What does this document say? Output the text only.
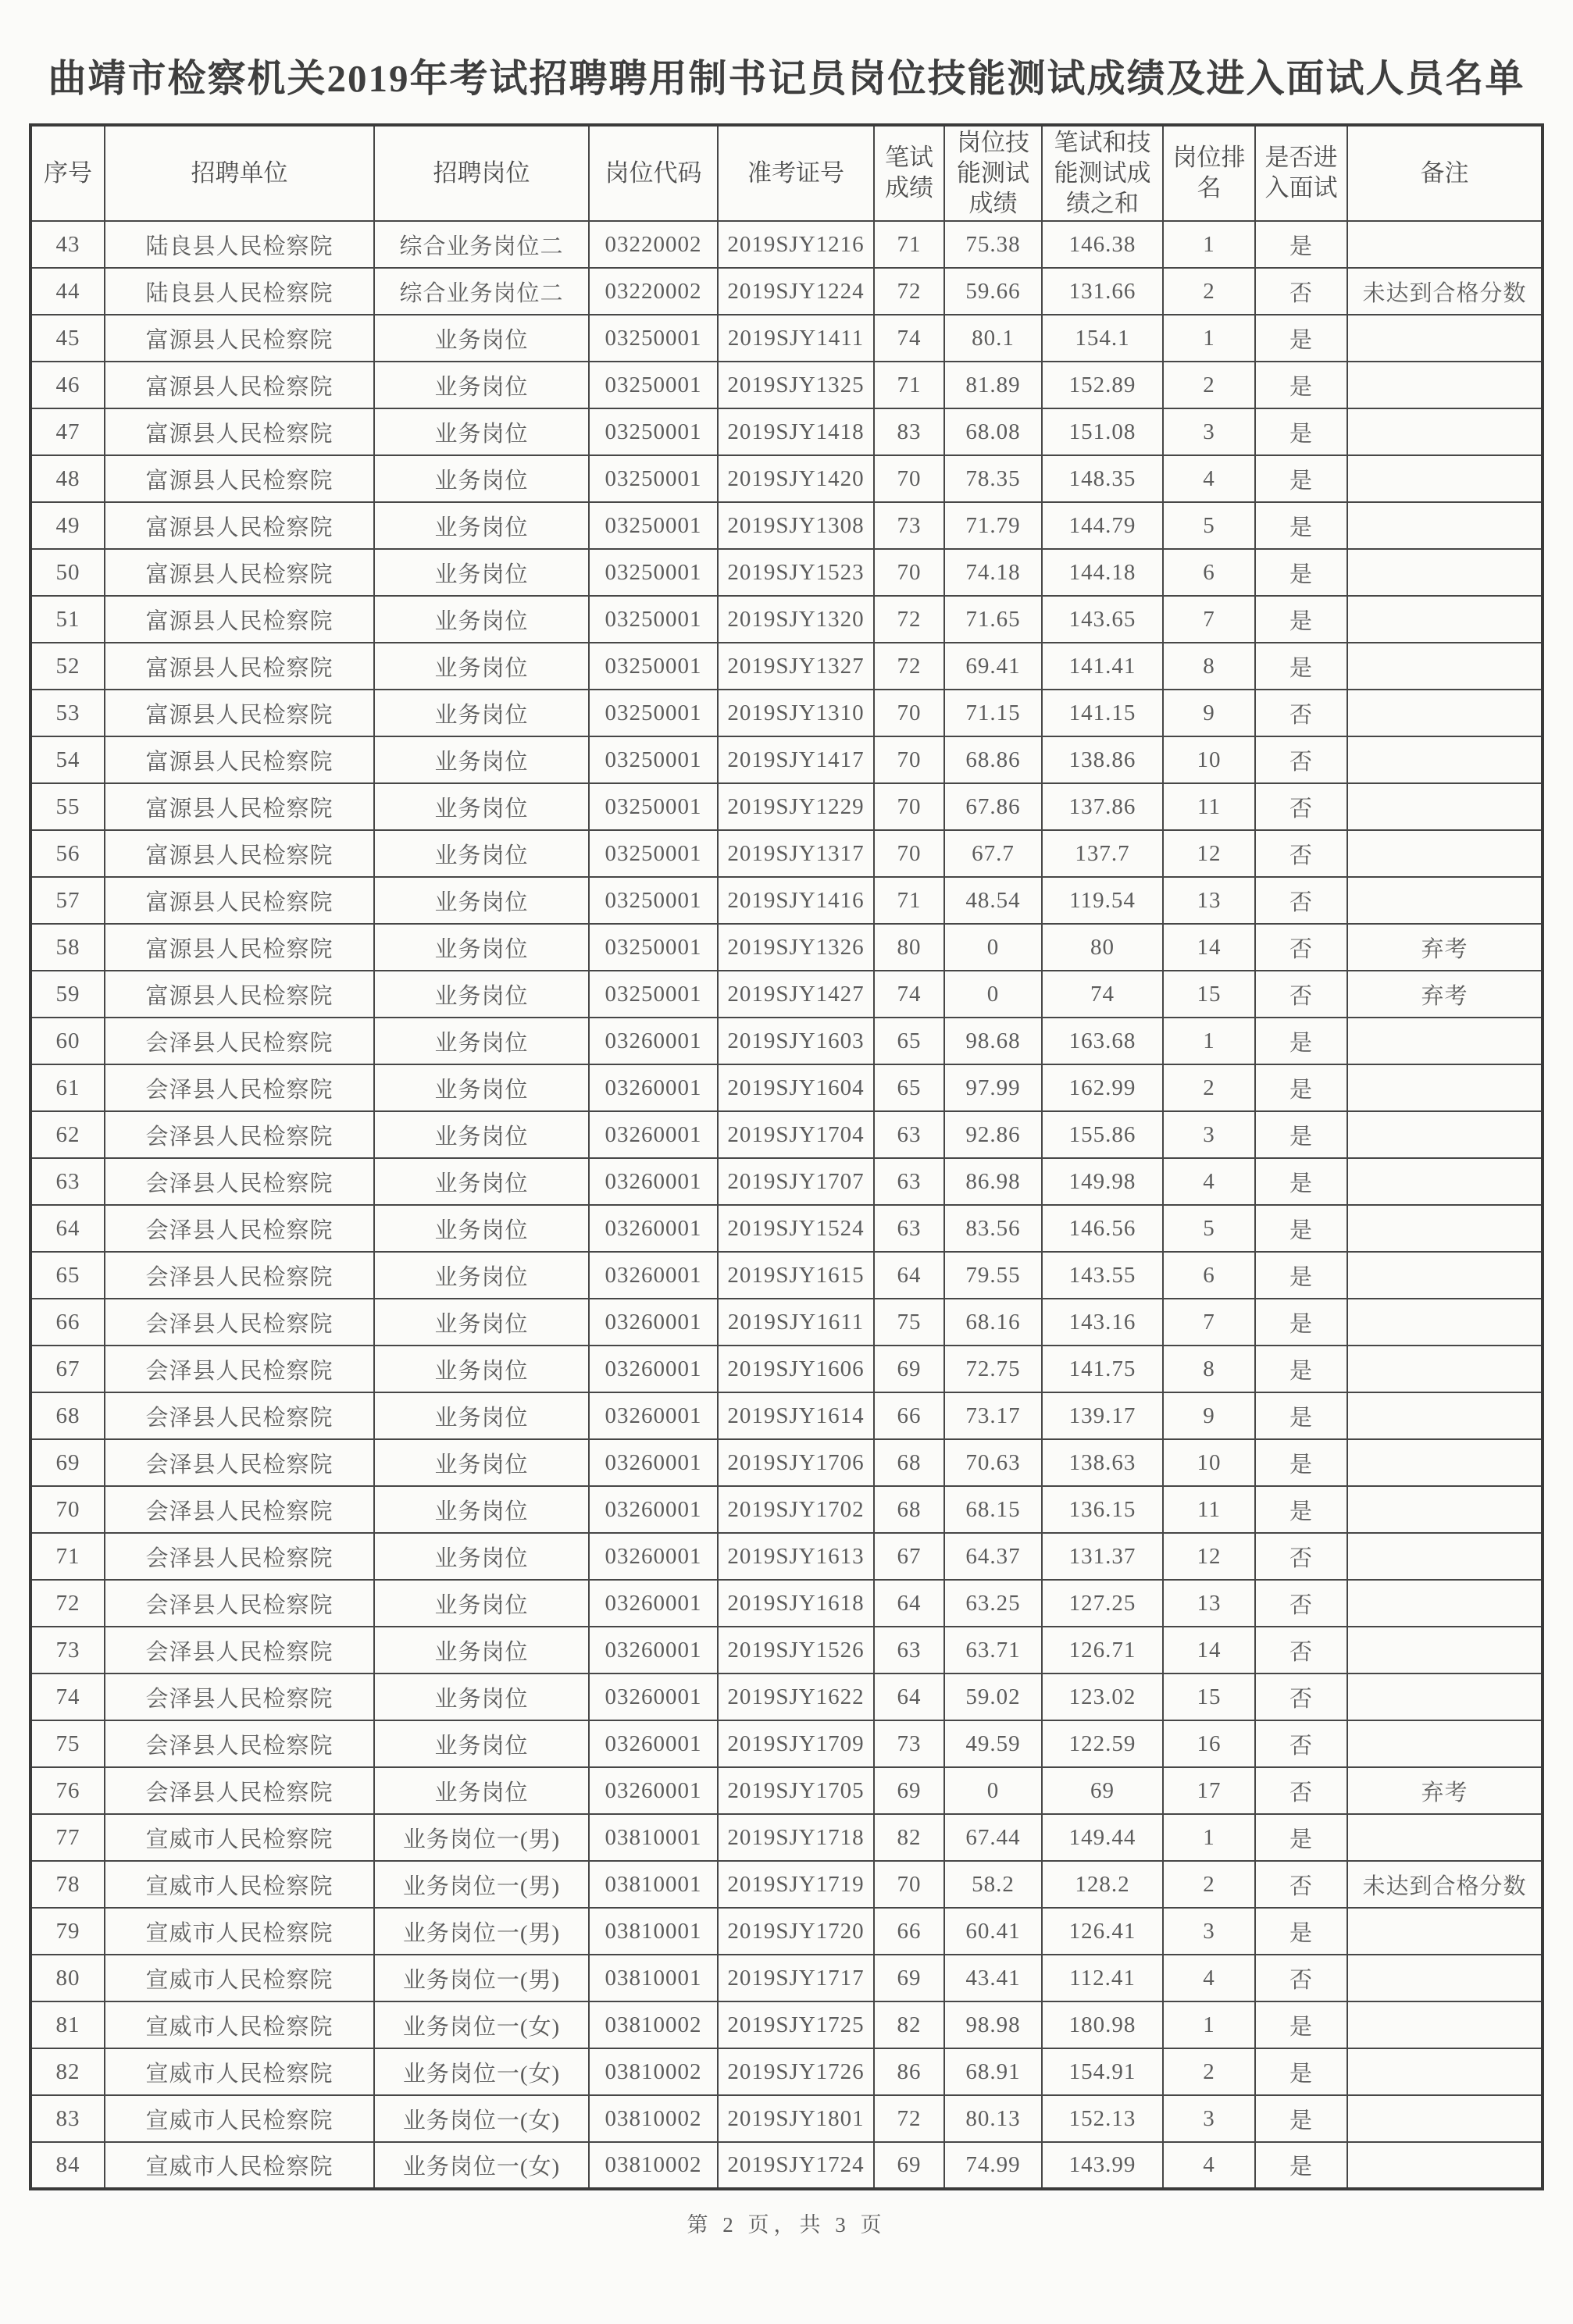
曲靖市检察机关2019年考试招聘聘用制书记员岗位技能测试成绩及进入面试人员名单
序号	招聘单位	招聘岗位	岗位代码	准考证号	笔试成绩	岗位技能测试成绩	笔试和技能测试成绩之和	岗位排名	是否进入面试	备注
43	陆良县人民检察院	综合业务岗位二	03220002	2019SJY1216	71	75.38	146.38	1	是	
44	陆良县人民检察院	综合业务岗位二	03220002	2019SJY1224	72	59.66	131.66	2	否	未达到合格分数
45	富源县人民检察院	业务岗位	03250001	2019SJY1411	74	80.1	154.1	1	是	
46	富源县人民检察院	业务岗位	03250001	2019SJY1325	71	81.89	152.89	2	是	
47	富源县人民检察院	业务岗位	03250001	2019SJY1418	83	68.08	151.08	3	是	
48	富源县人民检察院	业务岗位	03250001	2019SJY1420	70	78.35	148.35	4	是	
49	富源县人民检察院	业务岗位	03250001	2019SJY1308	73	71.79	144.79	5	是	
50	富源县人民检察院	业务岗位	03250001	2019SJY1523	70	74.18	144.18	6	是	
51	富源县人民检察院	业务岗位	03250001	2019SJY1320	72	71.65	143.65	7	是	
52	富源县人民检察院	业务岗位	03250001	2019SJY1327	72	69.41	141.41	8	是	
53	富源县人民检察院	业务岗位	03250001	2019SJY1310	70	71.15	141.15	9	否	
54	富源县人民检察院	业务岗位	03250001	2019SJY1417	70	68.86	138.86	10	否	
55	富源县人民检察院	业务岗位	03250001	2019SJY1229	70	67.86	137.86	11	否	
56	富源县人民检察院	业务岗位	03250001	2019SJY1317	70	67.7	137.7	12	否	
57	富源县人民检察院	业务岗位	03250001	2019SJY1416	71	48.54	119.54	13	否	
58	富源县人民检察院	业务岗位	03250001	2019SJY1326	80	0	80	14	否	弃考
59	富源县人民检察院	业务岗位	03250001	2019SJY1427	74	0	74	15	否	弃考
60	会泽县人民检察院	业务岗位	03260001	2019SJY1603	65	98.68	163.68	1	是	
61	会泽县人民检察院	业务岗位	03260001	2019SJY1604	65	97.99	162.99	2	是	
62	会泽县人民检察院	业务岗位	03260001	2019SJY1704	63	92.86	155.86	3	是	
63	会泽县人民检察院	业务岗位	03260001	2019SJY1707	63	86.98	149.98	4	是	
64	会泽县人民检察院	业务岗位	03260001	2019SJY1524	63	83.56	146.56	5	是	
65	会泽县人民检察院	业务岗位	03260001	2019SJY1615	64	79.55	143.55	6	是	
66	会泽县人民检察院	业务岗位	03260001	2019SJY1611	75	68.16	143.16	7	是	
67	会泽县人民检察院	业务岗位	03260001	2019SJY1606	69	72.75	141.75	8	是	
68	会泽县人民检察院	业务岗位	03260001	2019SJY1614	66	73.17	139.17	9	是	
69	会泽县人民检察院	业务岗位	03260001	2019SJY1706	68	70.63	138.63	10	是	
70	会泽县人民检察院	业务岗位	03260001	2019SJY1702	68	68.15	136.15	11	是	
71	会泽县人民检察院	业务岗位	03260001	2019SJY1613	67	64.37	131.37	12	否	
72	会泽县人民检察院	业务岗位	03260001	2019SJY1618	64	63.25	127.25	13	否	
73	会泽县人民检察院	业务岗位	03260001	2019SJY1526	63	63.71	126.71	14	否	
74	会泽县人民检察院	业务岗位	03260001	2019SJY1622	64	59.02	123.02	15	否	
75	会泽县人民检察院	业务岗位	03260001	2019SJY1709	73	49.59	122.59	16	否	
76	会泽县人民检察院	业务岗位	03260001	2019SJY1705	69	0	69	17	否	弃考
77	宣威市人民检察院	业务岗位一(男)	03810001	2019SJY1718	82	67.44	149.44	1	是	
78	宣威市人民检察院	业务岗位一(男)	03810001	2019SJY1719	70	58.2	128.2	2	否	未达到合格分数
79	宣威市人民检察院	业务岗位一(男)	03810001	2019SJY1720	66	60.41	126.41	3	是	
80	宣威市人民检察院	业务岗位一(男)	03810001	2019SJY1717	69	43.41	112.41	4	否	
81	宣威市人民检察院	业务岗位一(女)	03810002	2019SJY1725	82	98.98	180.98	1	是	
82	宣威市人民检察院	业务岗位一(女)	03810002	2019SJY1726	86	68.91	154.91	2	是	
83	宣威市人民检察院	业务岗位一(女)	03810002	2019SJY1801	72	80.13	152.13	3	是	
84	宣威市人民检察院	业务岗位一(女)	03810002	2019SJY1724	69	74.99	143.99	4	是	
第 2 页，共 3 页
